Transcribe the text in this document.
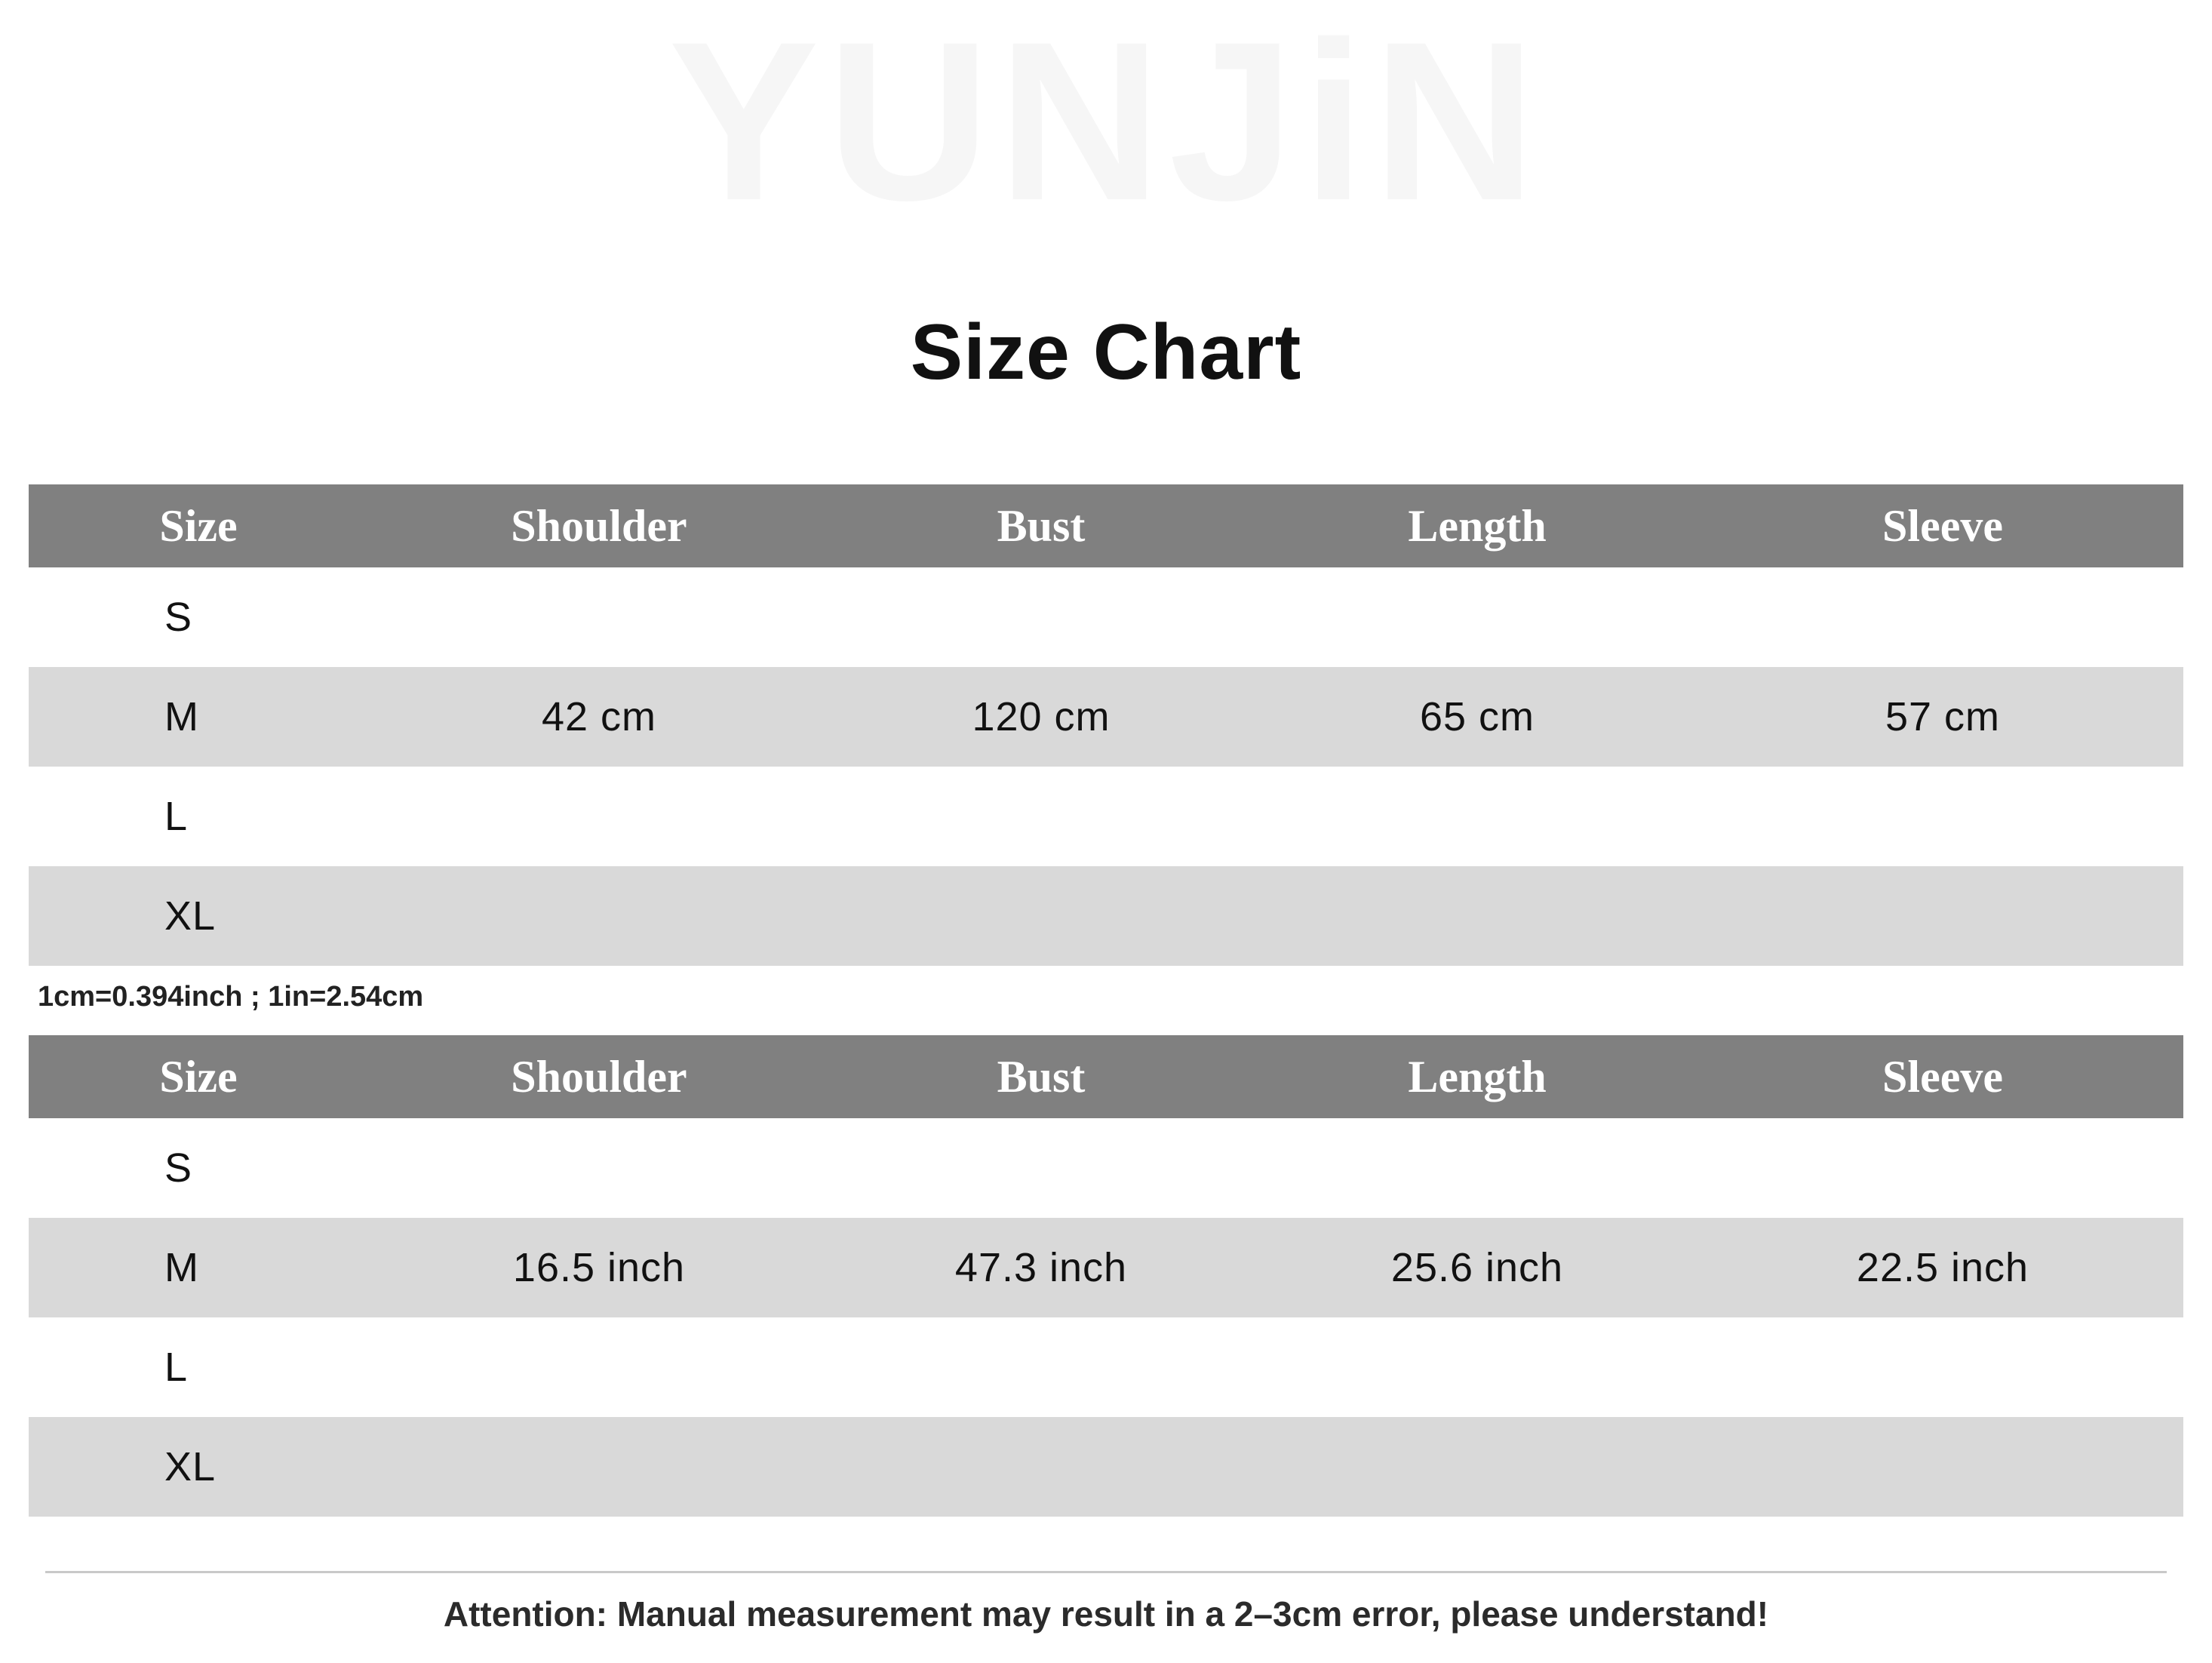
YUNJiN
Size Chart
Size	Shoulder	Bust	Length	Sleeve
S				
M	42 cm	120 cm	65 cm	57 cm
L				
XL				
1cm=0.394inch ; 1in=2.54cm
Size	Shoulder	Bust	Length	Sleeve
S				
M	16.5 inch	47.3 inch	25.6 inch	22.5 inch
L				
XL				
Attention: Manual measurement may result in a 2–3cm error, please understand!
